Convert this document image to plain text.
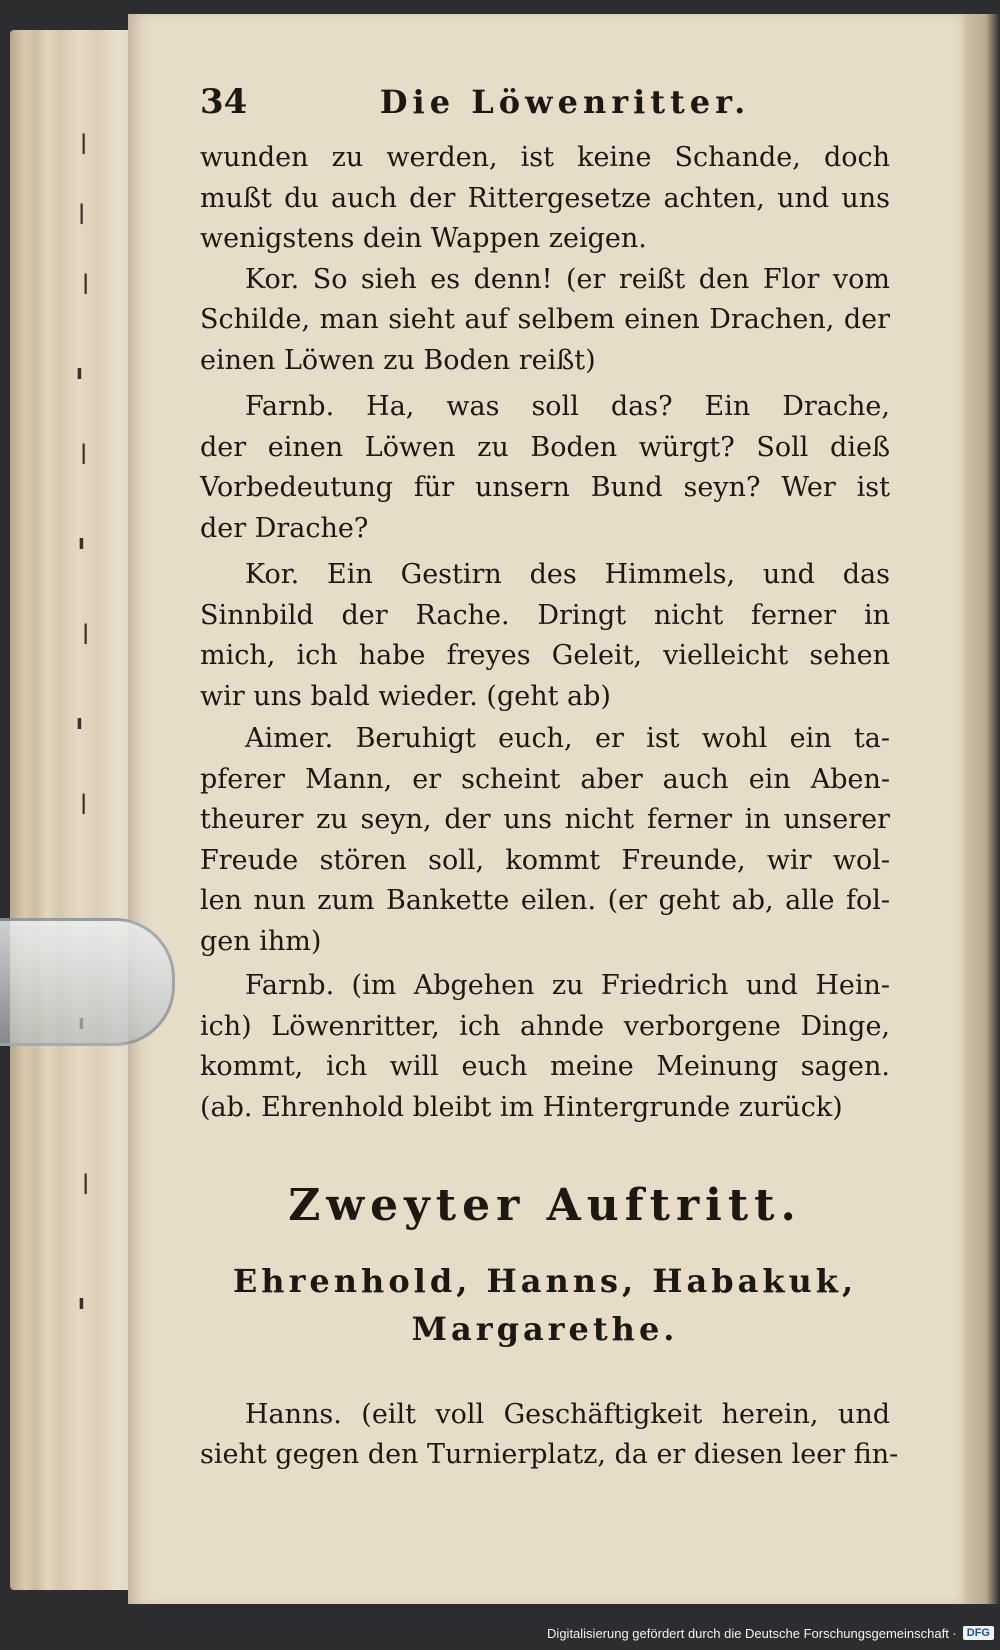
|
|
|
ı
|
ı
|
ı
|
|
ı
34	Die Löwenritter.
wunden zu werden, ist keine Schande, doch
mußt du auch der Rittergesetze achten, und uns
wenigstens dein Wappen zeigen.
Kor. So sieh es denn! (er reißt den Flor vom
Schilde, man sieht auf selbem einen Drachen, der
einen Löwen zu Boden reißt)
Farnb. Ha, was soll das? Ein Drache,
der einen Löwen zu Boden würgt? Soll dieß
Vorbedeutung für unsern Bund seyn? Wer ist
der Drache?
Kor. Ein Gestirn des Himmels, und das
Sinnbild der Rache. Dringt nicht ferner in
mich, ich habe freyes Geleit, vielleicht sehen
wir uns bald wieder. (geht ab)
Aimer. Beruhigt euch, er ist wohl ein ta-
pferer Mann, er scheint aber auch ein Aben-
theurer zu seyn, der uns nicht ferner in unserer
Freude stören soll, kommt Freunde, wir wol-
len nun zum Bankette eilen. (er geht ab, alle fol-
gen ihm)
Farnb. (im Abgehen zu Friedrich und Hein-
ich) Löwenritter, ich ahnde verborgene Dinge,
kommt, ich will euch meine Meinung sagen.
(ab. Ehrenhold bleibt im Hintergrunde zurück)
Zweyter Auftritt.
Ehrenhold, Hanns, Habakuk,
Margarethe.
Hanns. (eilt voll Geschäftigkeit herein, und
sieht gegen den Turnierplatz, da er diesen leer fin-
Digitalisierung gefördert durch die Deutsche Forschungsgemeinschaft · DFG
